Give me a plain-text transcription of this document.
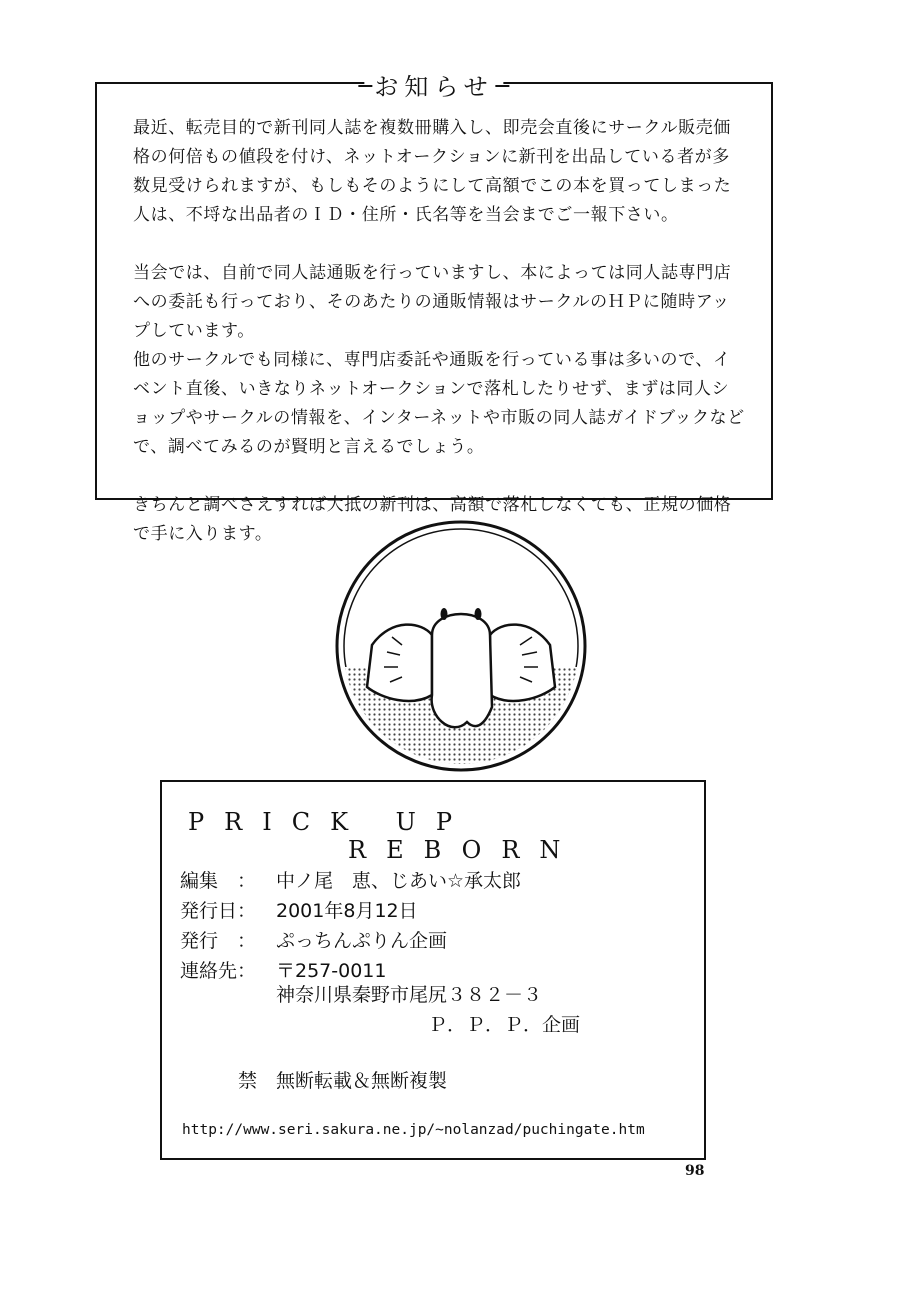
お知らせ

最近、転売目的で新刊同人誌を複数冊購入し、即売会直後にサークル販売価格の何倍もの値段を付け、ネットオークションに新刊を出品している者が多数見受けられますが、もしもそのようにして高額でこの本を買ってしまった人は、不埒な出品者のＩＤ・住所・氏名等を当会までご一報下さい。

当会では、自前で同人誌通販を行っていますし、本によっては同人誌専門店への委託も行っており、そのあたりの通販情報はサークルのＨＰに随時アップしています。

他のサークルでも同様に、専門店委託や通販を行っている事は多いので、イベント直後、いきなりネットオークションで落札したりせず、まずは同人ショップやサークルの情報を、インターネットや市販の同人誌ガイドブックなどで、調べてみるのが賢明と言えるでしょう。

きちんと調べさえすれば大抵の新刊は、高額で落札しなくても、正規の価格で手に入ります。

PRICK UP
REBORN
編集　： 中ノ尾　恵、じあい☆承太郎
発行日： 2001年8月12日
発行　： ぷっちんぷりん企画
連絡先： 〒257-0011
神奈川県秦野市尾尻３８２－３
Ｐ．Ｐ．Ｐ．企画
禁　無断転載＆無断複製
http://www.seri.sakura.ne.jp/~nolanzad/puchingate.htm
98
